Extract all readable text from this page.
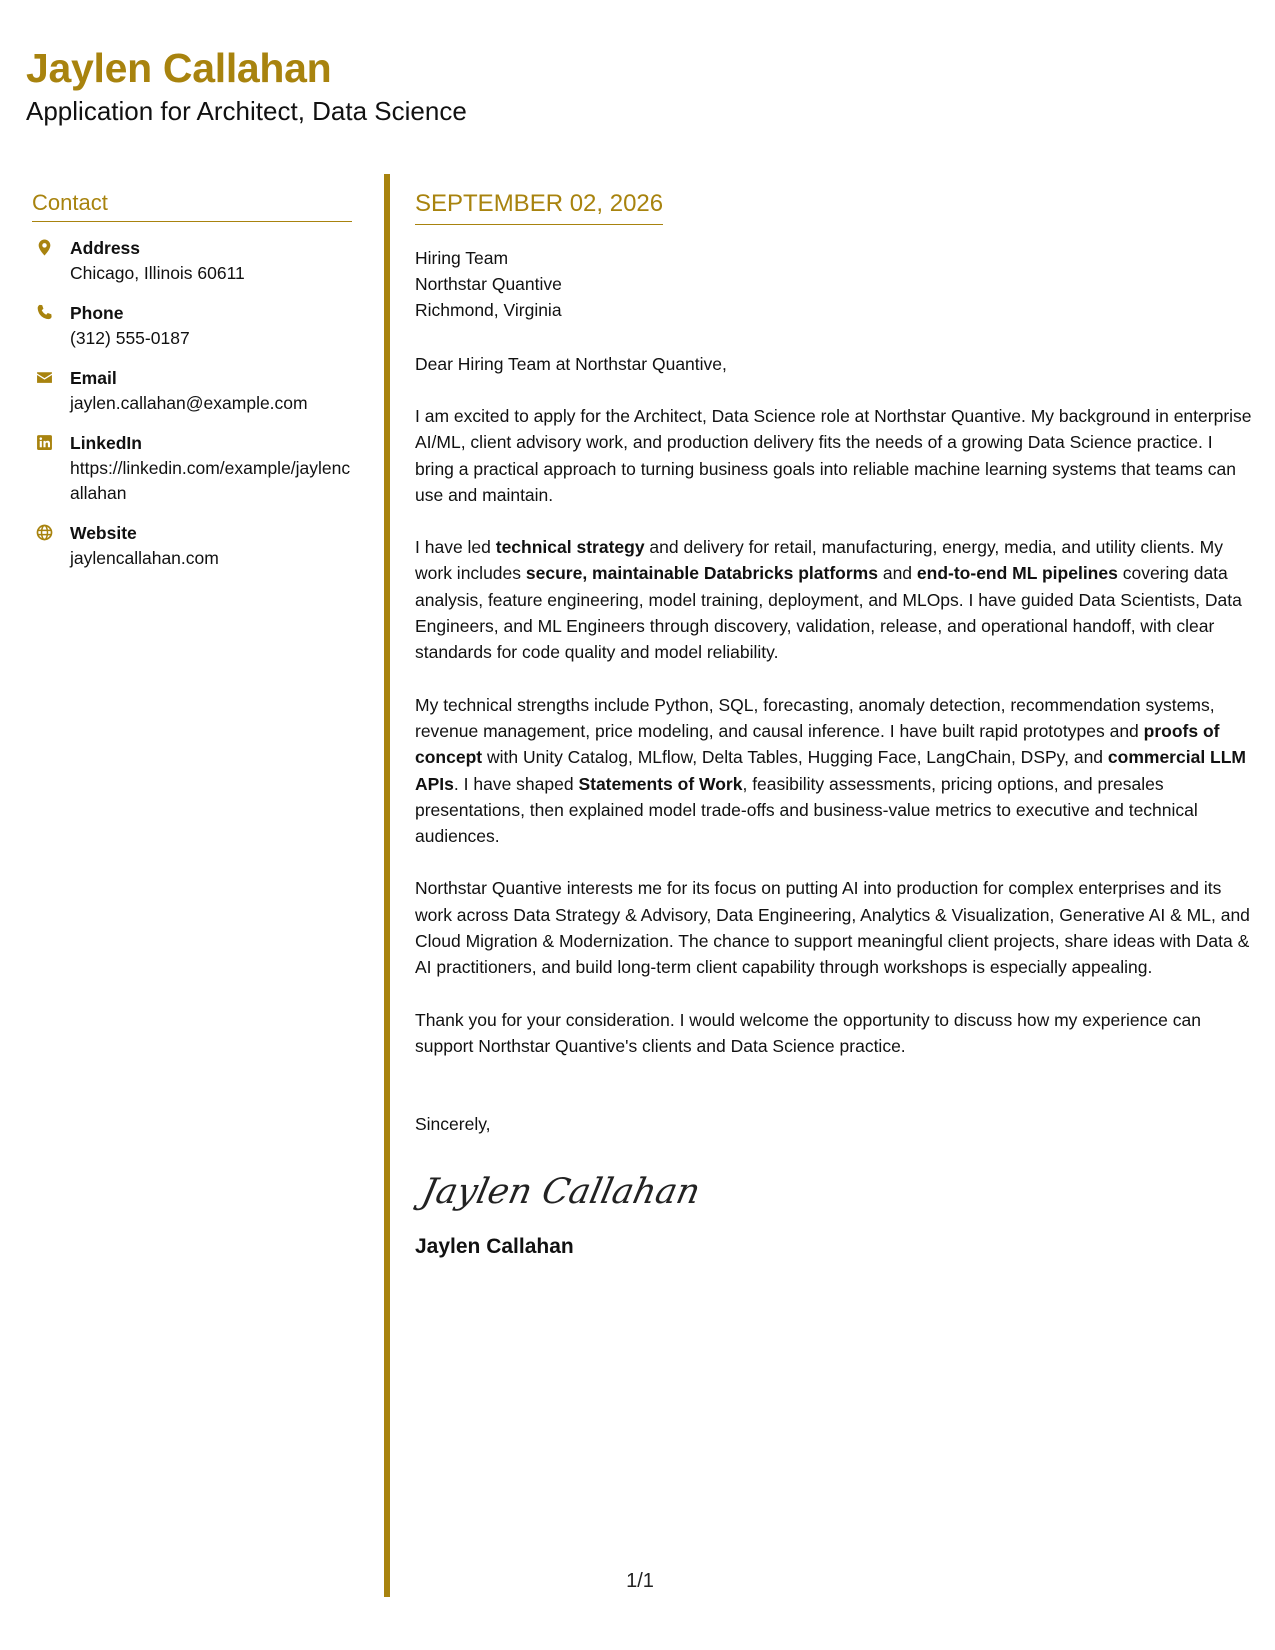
Jaylen Callahan
Application for Architect, Data Science
Contact
Address
Chicago, Illinois 60611
Phone
(312) 555-0187
Email
jaylen.callahan@example.com
LinkedIn
https://linkedin.com/example/jaylencallahan
Website
jaylencallahan.com
SEPTEMBER 02, 2026
Hiring Team
Northstar Quantive
Richmond, Virginia
Dear Hiring Team at Northstar Quantive,
I am excited to apply for the Architect, Data Science role at Northstar Quantive. My background in enterprise AI/ML, client advisory work, and production delivery fits the needs of a growing Data Science practice. I bring a practical approach to turning business goals into reliable machine learning systems that teams can use and maintain.
I have led technical strategy and delivery for retail, manufacturing, energy, media, and utility clients. My work includes secure, maintainable Databricks platforms and end-to-end ML pipelines covering data analysis, feature engineering, model training, deployment, and MLOps. I have guided Data Scientists, Data Engineers, and ML Engineers through discovery, validation, release, and operational handoff, with clear standards for code quality and model reliability.
My technical strengths include Python, SQL, forecasting, anomaly detection, recommendation systems, revenue management, price modeling, and causal inference. I have built rapid prototypes and proofs of concept with Unity Catalog, MLflow, Delta Tables, Hugging Face, LangChain, DSPy, and commercial LLM APIs. I have shaped Statements of Work, feasibility assessments, pricing options, and presales presentations, then explained model trade-offs and business-value metrics to executive and technical audiences.
Northstar Quantive interests me for its focus on putting AI into production for complex enterprises and its work across Data Strategy & Advisory, Data Engineering, Analytics & Visualization, Generative AI & ML, and Cloud Migration & Modernization. The chance to support meaningful client projects, share ideas with Data & AI practitioners, and build long-term client capability through workshops is especially appealing.
Thank you for your consideration. I would welcome the opportunity to discuss how my experience can support Northstar Quantive's clients and Data Science practice.
Sincerely,
Jaylen Callahan
Jaylen Callahan
1/1
